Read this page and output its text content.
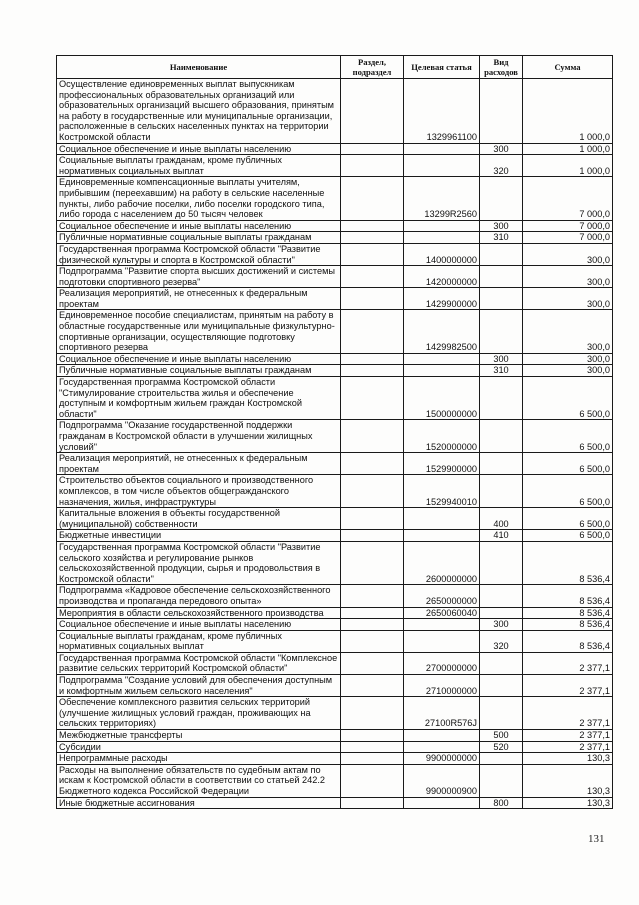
Наименование	Раздел, подраздел	Целевая статья	Вид расходов	Сумма
Осуществление единовременных выплат выпускникам профессиональных образовательных организаций или образовательных организаций высшего образования, принятым на работу в государственные или муниципальные организации, расположенные в сельских населенных пунктах на территории Костромской области		1329961100		1 000,0
Социальное обеспечение и иные выплаты населению			300	1 000,0
Социальные выплаты гражданам, кроме публичных нормативных социальных выплат			320	1 000,0
Единовременные компенсационные выплаты учителям, прибывшим (переехавшим) на работу в сельские населенные пункты, либо рабочие поселки, либо поселки городского типа, либо города с населением до 50 тысяч человек		13299R2560		7 000,0
Социальное обеспечение и иные выплаты населению			300	7 000,0
Публичные нормативные социальные выплаты гражданам			310	7 000,0
Государственная программа Костромской области "Развитие физической культуры и спорта в Костромской области"		1400000000		300,0
Подпрограмма "Развитие спорта высших достижений и системы подготовки спортивного резерва"		1420000000		300,0
Реализация мероприятий, не отнесенных к федеральным проектам		1429900000		300,0
Единовременное пособие специалистам, принятым на работу в областные государственные или муниципальные физкультурно-спортивные организации, осуществляющие подготовку спортивного резерва		1429982500		300,0
Социальное обеспечение и иные выплаты населению			300	300,0
Публичные нормативные социальные выплаты гражданам			310	300,0
Государственная программа Костромской области "Стимулирование строительства жилья и обеспечение доступным и комфортным жильем граждан Костромской области"		1500000000		6 500,0
Подпрограмма "Оказание государственной поддержки гражданам в Костромской области в улучшении жилищных условий"		1520000000		6 500,0
Реализация мероприятий, не отнесенных к федеральным проектам		1529900000		6 500,0
Строительство объектов социального и производственного комплексов, в том числе объектов общегражданского назначения, жилья, инфраструктуры		1529940010		6 500,0
Капитальные вложения в объекты государственной (муниципальной) собственности			400	6 500,0
Бюджетные инвестиции			410	6 500,0
Государственная программа Костромской области "Развитие сельского хозяйства и регулирование рынков сельскохозяйственной продукции, сырья и продовольствия в Костромской области"		2600000000		8 536,4
Подпрограмма «Кадровое обеспечение сельскохозяйственного производства и пропаганда передового опыта»		2650000000		8 536,4
Мероприятия в области сельскохозяйственного производства		2650060040		8 536,4
Социальное обеспечение и иные выплаты населению			300	8 536,4
Социальные выплаты гражданам, кроме публичных нормативных социальных выплат			320	8 536,4
Государственная программа Костромской области "Комплексное развитие сельских территорий Костромской области"		2700000000		2 377,1
Подпрограмма "Создание условий для обеспечения доступным и комфортным жильем сельского населения"		2710000000		2 377,1
Обеспечение комплексного развития сельских территорий (улучшение жилищных условий граждан, проживающих на сельских территориях)		27100R576J		2 377,1
Межбюджетные трансферты			500	2 377,1
Субсидии			520	2 377,1
Непрограммные расходы		9900000000		130,3
Расходы на выполнение обязательств по судебным актам по искам к Костромской области в соответствии со статьей 242.2 Бюджетного кодекса Российской Федерации		9900000900		130,3
Иные бюджетные ассигнования			800	130,3
131
